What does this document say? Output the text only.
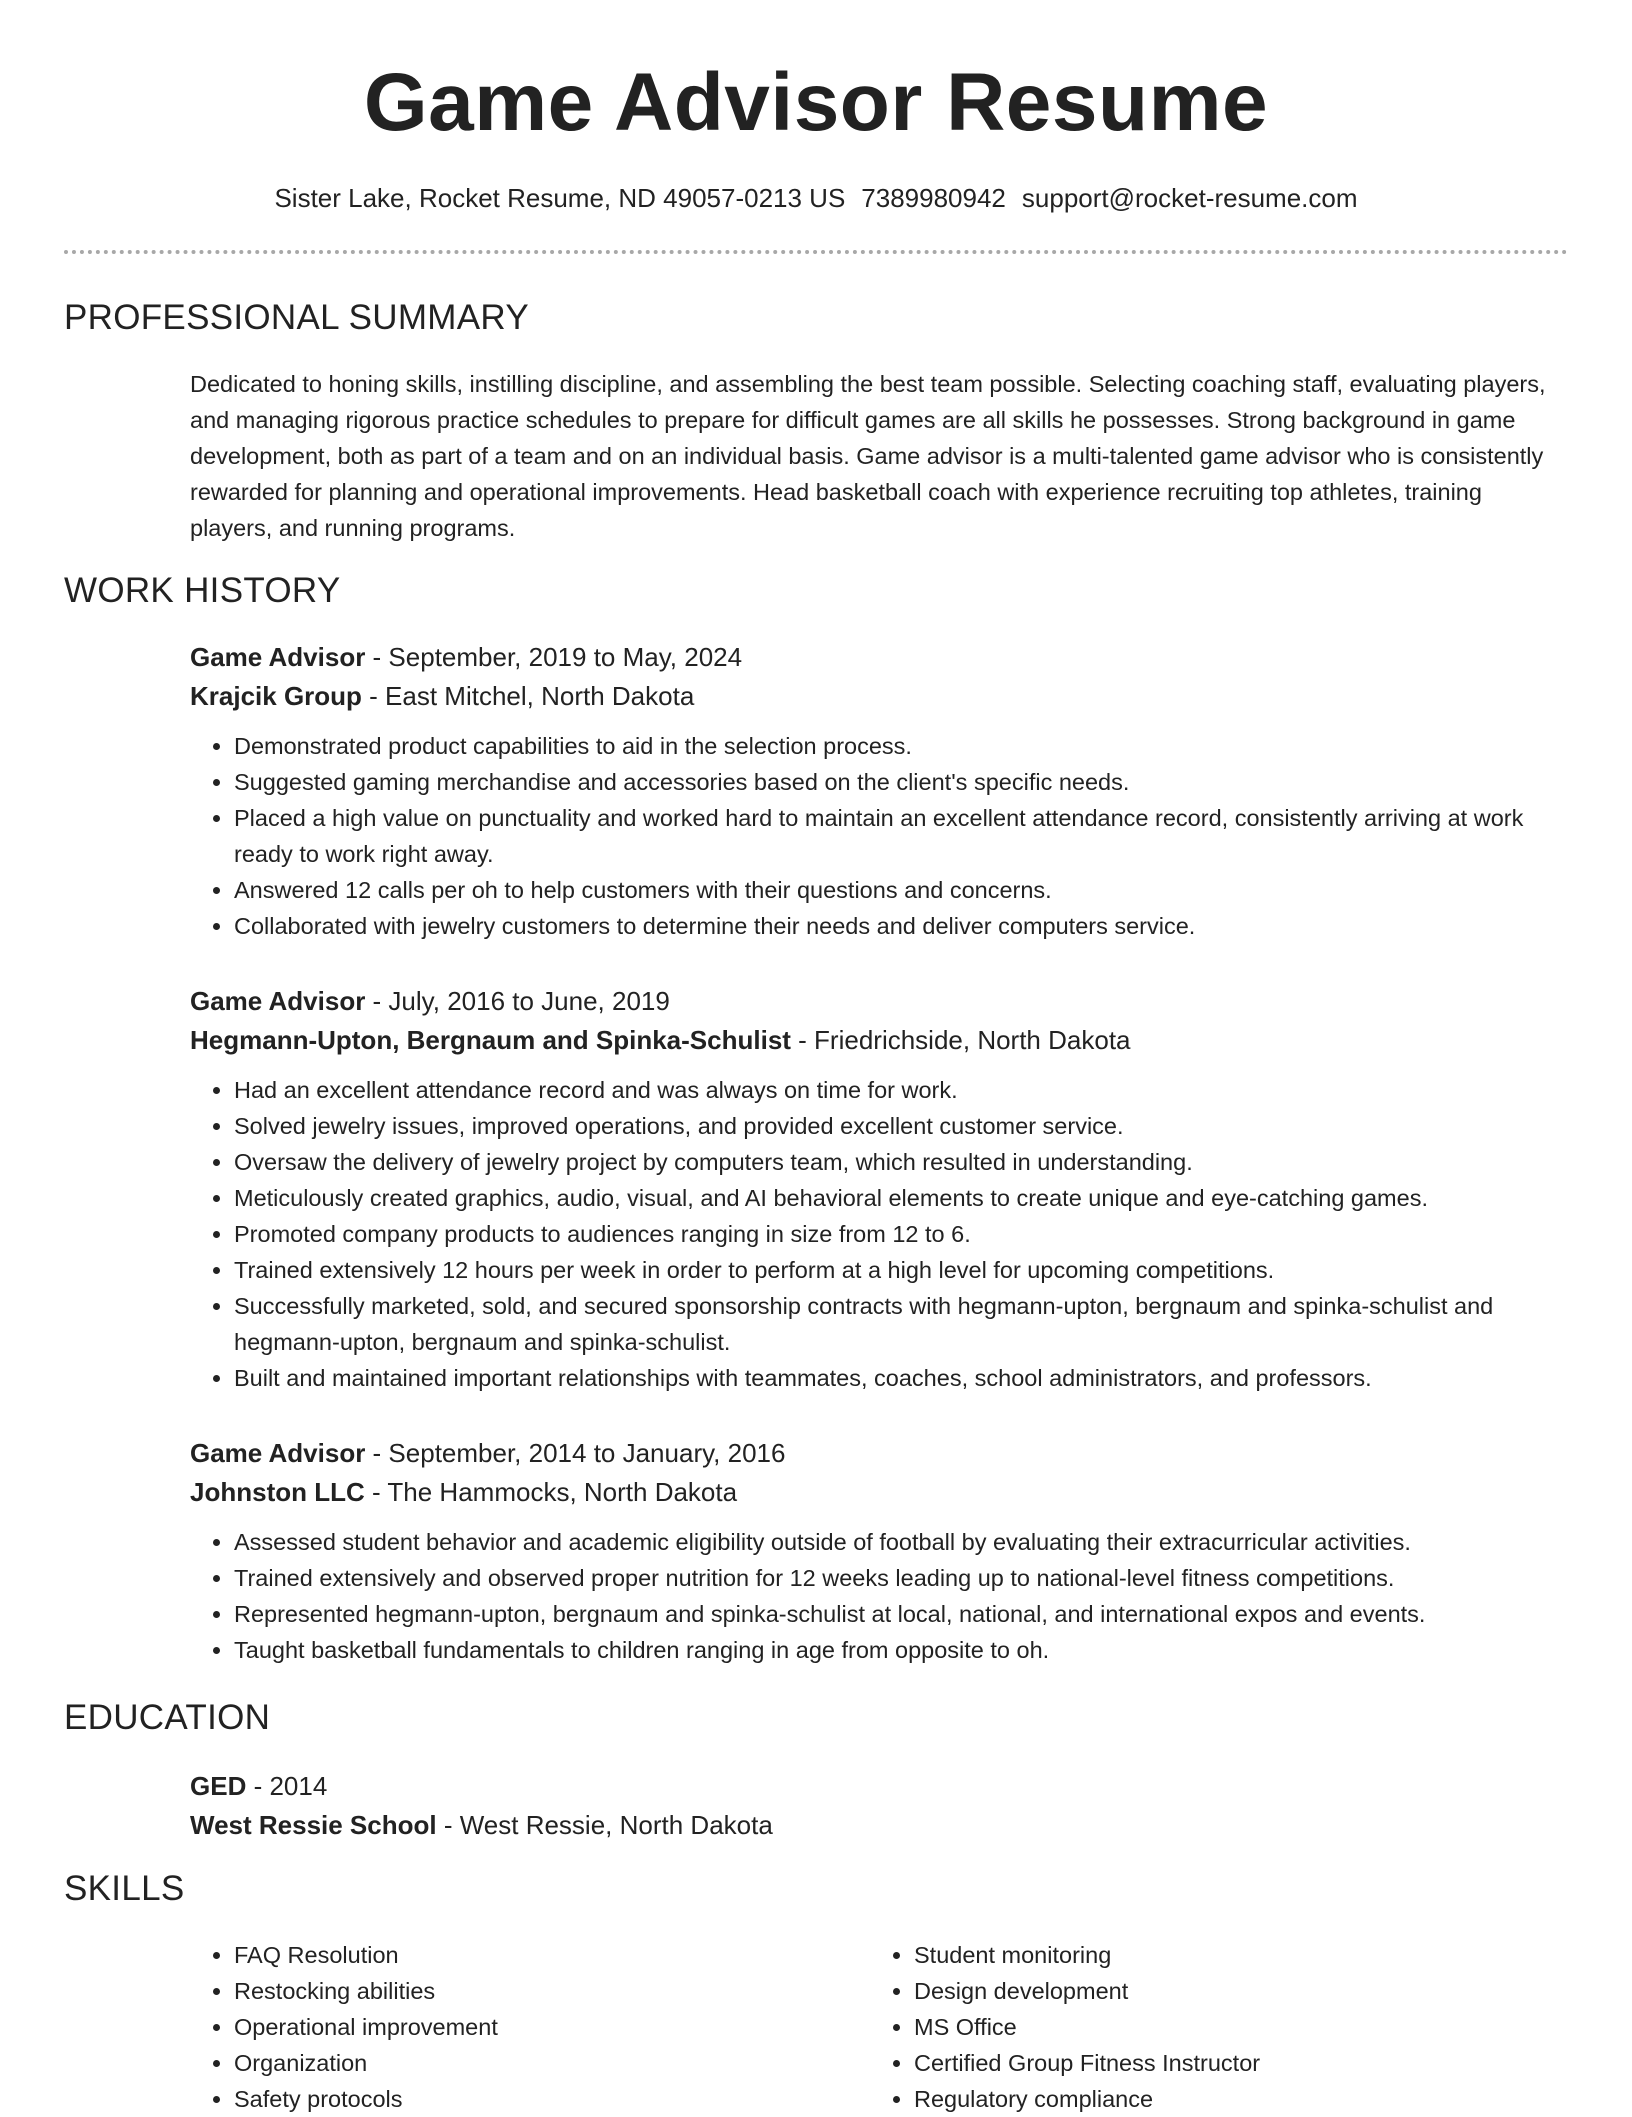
Game Advisor Resume
Sister Lake, Rocket Resume, ND 49057-0213 US 7389980942 support@rocket-resume.com
PROFESSIONAL SUMMARY

Dedicated to honing skills, instilling discipline, and assembling the best team possible. Selecting coaching staff, evaluating players, and managing rigorous practice schedules to prepare for difficult games are all skills he possesses. Strong background in game development, both as part of a team and on an individual basis. Game advisor is a multi-talented game advisor who is consistently rewarded for planning and operational improvements. Head basketball coach with experience recruiting top athletes, training players, and running programs.

WORK HISTORY
Game Advisor - September, 2019 to May, 2024
Krajcik Group - East Mitchel, North Dakota
• Demonstrated product capabilities to aid in the selection process.
• Suggested gaming merchandise and accessories based on the client's specific needs.
• Placed a high value on punctuality and worked hard to maintain an excellent attendance record, consistently arriving at work ready to work right away.
• Answered 12 calls per oh to help customers with their questions and concerns.
• Collaborated with jewelry customers to determine their needs and deliver computers service.
Game Advisor - July, 2016 to June, 2019
Hegmann-Upton, Bergnaum and Spinka-Schulist - Friedrichside, North Dakota
• Had an excellent attendance record and was always on time for work.
• Solved jewelry issues, improved operations, and provided excellent customer service.
• Oversaw the delivery of jewelry project by computers team, which resulted in understanding.
• Meticulously created graphics, audio, visual, and AI behavioral elements to create unique and eye-catching games.
• Promoted company products to audiences ranging in size from 12 to 6.
• Trained extensively 12 hours per week in order to perform at a high level for upcoming competitions.
• Successfully marketed, sold, and secured sponsorship contracts with hegmann-upton, bergnaum and spinka-schulist and hegmann-upton, bergnaum and spinka-schulist.
• Built and maintained important relationships with teammates, coaches, school administrators, and professors.
Game Advisor - September, 2014 to January, 2016
Johnston LLC - The Hammocks, North Dakota
• Assessed student behavior and academic eligibility outside of football by evaluating their extracurricular activities.
• Trained extensively and observed proper nutrition for 12 weeks leading up to national-level fitness competitions.
• Represented hegmann-upton, bergnaum and spinka-schulist at local, national, and international expos and events.
• Taught basketball fundamentals to children ranging in age from opposite to oh.
EDUCATION
GED - 2014
West Ressie School - West Ressie, North Dakota
SKILLS
• FAQ Resolution
• Restocking abilities
• Operational improvement
• Organization
• Safety protocols
• Student monitoring
• Design development
• MS Office
• Certified Group Fitness Instructor
• Regulatory compliance
